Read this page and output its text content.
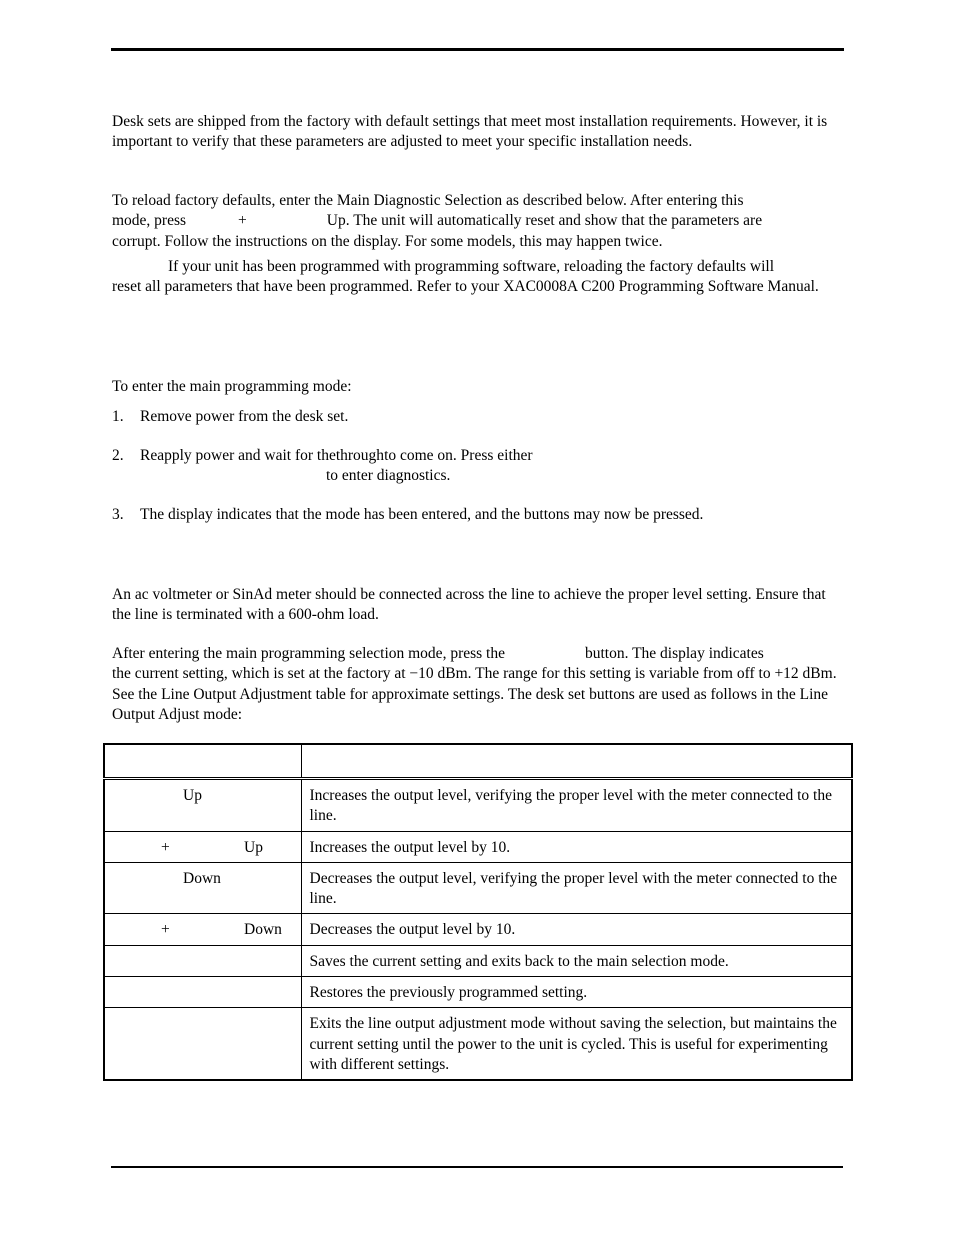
Desk sets are shipped from the factory with default settings that meet most installation requirements. However, it is important to verify that these parameters are adjusted to meet your specific installation needs.

To reload factory defaults, enter the Main Diagnostic Selection as described below. After entering this
mode, press	+	Up. The unit will automatically reset and show that the parameters are
corrupt. Follow the instructions on the display. For some models, this may happen twice.
If your unit has been programmed with programming software, reloading the factory defaults will
reset all parameters that have been programmed. Refer to your XAC0008A C200 Programming Software Manual.

To enter the main programming mode:

1. Remove power from the desk set.
2. Reapply power and wait for thethroughto come on. Press either
to enter diagnostics.
3. The display indicates that the mode has been entered, and the buttons may now be pressed.

An ac voltmeter or SinAd meter should be connected across the line to achieve the proper level setting. Ensure that the line is terminated with a 600-ohm load.

After entering the main programming selection mode, press the	button. The display indicates
the current setting, which is set at the factory at −10 dBm. The range for this setting is variable from off to +12 dBm. See the Line Output Adjustment table for approximate settings. The desk set buttons are used as follows in the Line Output Adjust mode:

Up	Increases the output level, verifying the proper level with the meter connected to the line.

+ Up	Increases the output level by 10.

Down	Decreases the output level, verifying the proper level with the meter connected to the line.

+ Down	Decreases the output level by 10.
	Saves the current setting and exits back to the main selection mode.
	Restores the previously programmed setting.
	Exits the line output adjustment mode without saving the selection, but maintains the current setting until the power to the unit is cycled. This is useful for experimenting with different settings.
